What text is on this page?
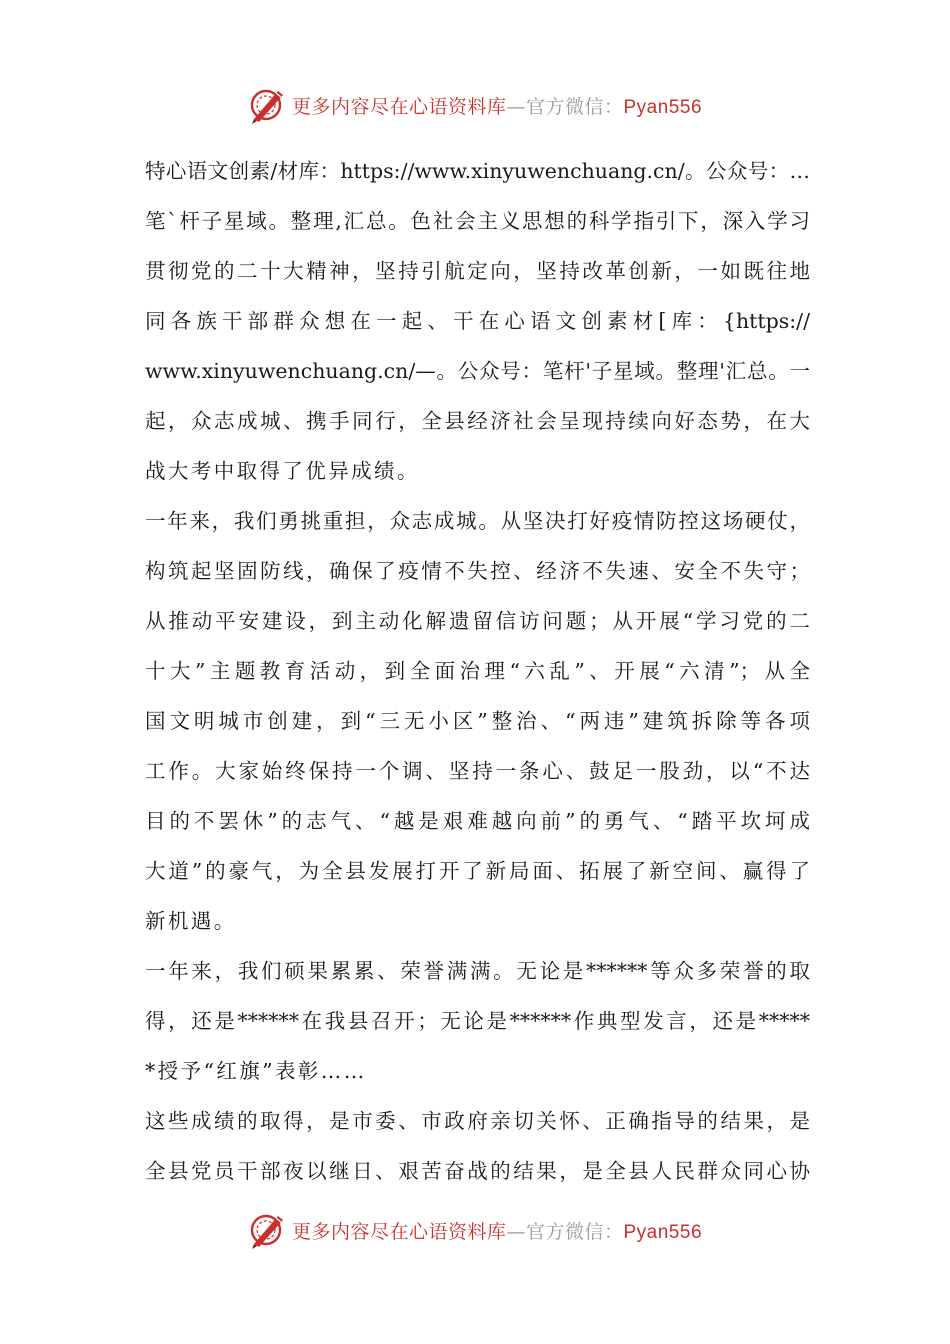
更多内容尽在心语资料库—官方微信：Pyan556
特心语文创素/材库：https://www.xinyuwenchuang.cn/。公众号：…
笔`杆子星域。整理,汇总。色社会主义思想的科学指引下，深入学习
贯彻党的二十大精神，坚持引航定向，坚持改革创新，一如既往地
同各族干部群众想在一起、干在心语文创素材[库：{https://
www.xinyuwenchuang.cn/—。公众号：笔杆'子星域。整理'汇总。一
起，众志成城、携手同行，全县经济社会呈现持续向好态势，在大
战大考中取得了优异成绩。
一年来，我们勇挑重担，众志成城。从坚决打好疫情防控这场硬仗，
构筑起坚固防线，确保了疫情不失控、经济不失速、安全不失守；
从推动平安建设，到主动化解遗留信访问题；从开展“学习党的二
十大”主题教育活动，到全面治理“六乱”、开展“六清”；从全
国文明城市创建，到“三无小区”整治、“两违”建筑拆除等各项
工作。大家始终保持一个调、坚持一条心、鼓足一股劲，以“不达
目的不罢休”的志气、“越是艰难越向前”的勇气、“踏平坎坷成
大道”的豪气，为全县发展打开了新局面、拓展了新空间、赢得了
新机遇。
一年来，我们硕果累累、荣誉满满。无论是******等众多荣誉的取
得，还是******在我县召开；无论是******作典型发言，还是*****
*授予“红旗”表彰……
这些成绩的取得，是市委、市政府亲切关怀、正确指导的结果，是
全县党员干部夜以继日、艰苦奋战的结果，是全县人民群众同心协
更多内容尽在心语资料库—官方微信：Pyan556
